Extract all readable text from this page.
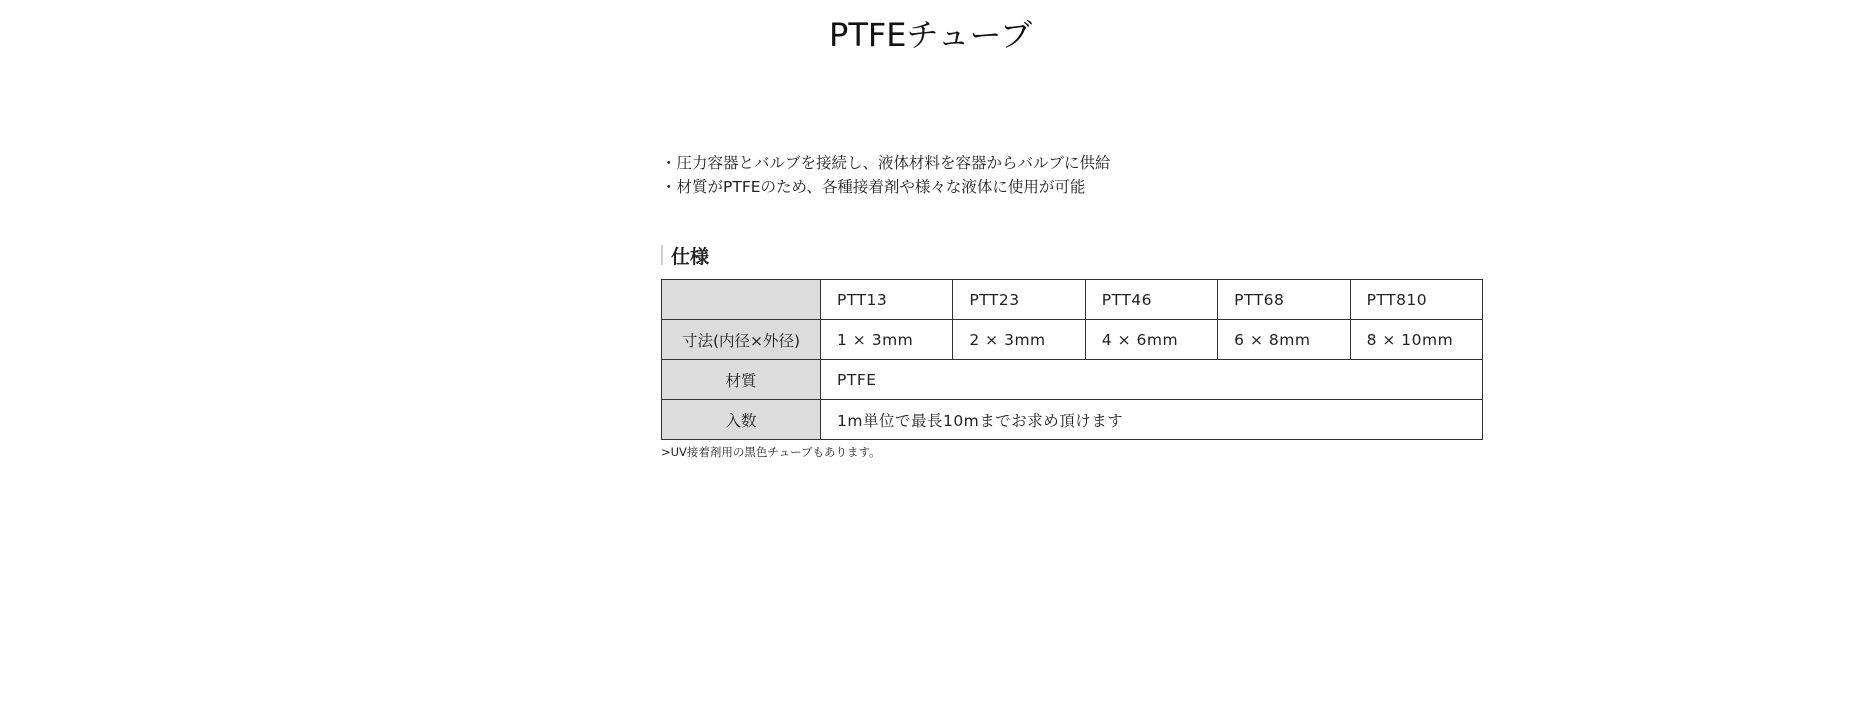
PTFEチューブ
・圧力容器とバルブを接続し、液体材料を容器からバルブに供給
・材質がPTFEのため、各種接着剤や様々な液体に使用が可能
仕様
	PTT13	PTT23	PTT46	PTT68	PTT810
寸法(内径×外径)	1 × 3mm	2 × 3mm	4 × 6mm	6 × 8mm	8 × 10mm
材質	PTFE				
入数	1m単位で最長10mまでお求め頂けます				
>UV接着剤用の黒色チューブもあります。
